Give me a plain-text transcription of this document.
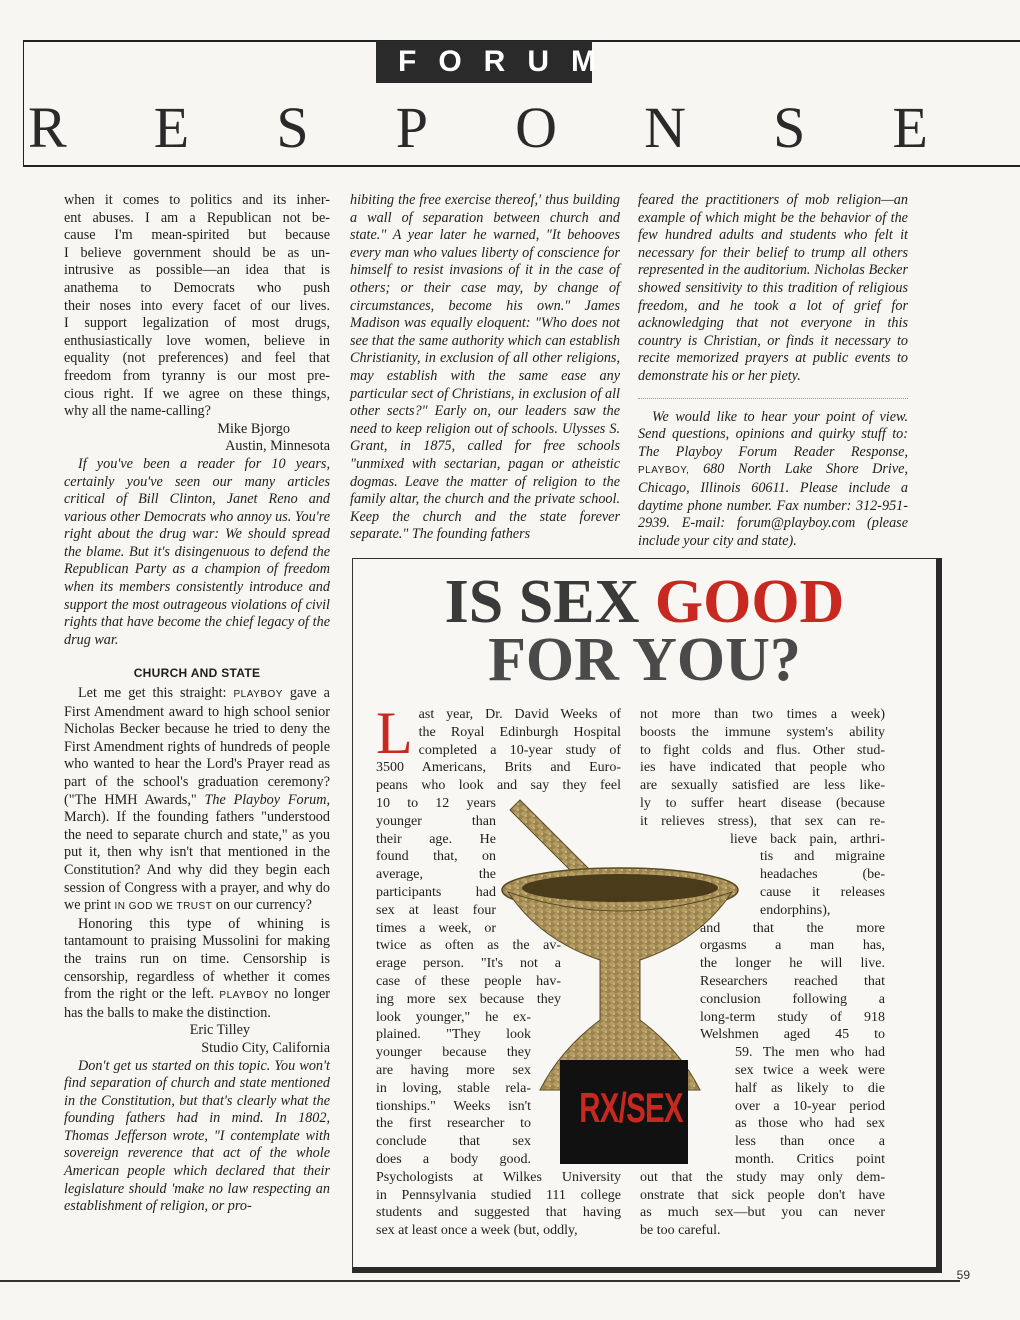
FORUM
R E S P O N S E
when it comes to politics and its inher-
ent abuses. I am a Republican not be-
cause I'm mean-spirited but because
I believe government should be as un-
intrusive as possible—an idea that is
anathema to Democrats who push
their noses into every facet of our lives.
I support legalization of most drugs,
enthusiastically love women, believe in
equality (not preferences) and feel that
freedom from tyranny is our most pre-
cious right. If we agree on these things,
why all the name-calling?

Mike Bjorgo

Austin, Minnesota

If you've been a reader for 10 years, certainly you've seen our many articles critical of Bill Clinton, Janet Reno and various other Democrats who annoy us. You're right about the drug war: We should spread the blame. But it's disingenuous to defend the Republican Party as a champion of freedom when its members consistently introduce and support the most outrageous violations of civil rights that have become the chief legacy of the drug war.

CHURCH AND STATE

Let me get this straight: PLAYBOY gave a First Amendment award to high school senior Nicholas Becker because he tried to deny the First Amendment rights of hundreds of people who wanted to hear the Lord's Prayer read as part of the school's graduation ceremony? ("The HMH Awards," The Playboy Forum, March). If the founding fathers "understood the need to separate church and state," as you put it, then why isn't that mentioned in the Constitution? And why did they begin each session of Congress with a prayer, and why do we print IN GOD WE TRUST on our currency?

Honoring this type of whining is tantamount to praising Mussolini for making the trains run on time. Censorship is censorship, regardless of whether it comes from the right or the left. PLAYBOY no longer has the balls to make the distinction.

Eric Tilley

Studio City, California

Don't get us started on this topic. You won't find separation of church and state mentioned in the Constitution, but that's clearly what the founding fathers had in mind. In 1802, Thomas Jefferson wrote, "I contemplate with sovereign reverence that act of the whole American people which declared that their legislature should 'make no law respecting an establishment of religion, or pro-

hibiting the free exercise thereof,' thus building a wall of separation between church and state." A year later he warned, "It behooves every man who values liberty of conscience for himself to resist invasions of it in the case of others; or their case may, by change of circumstances, become his own." James Madison was equally eloquent: "Who does not see that the same authority which can establish Christianity, in exclusion of all other religions, may establish with the same ease any particular sect of Christians, in exclusion of all other sects?" Early on, our leaders saw the need to keep religion out of schools. Ulysses S. Grant, in 1875, called for free schools "unmixed with sectarian, pagan or atheistic dogmas. Leave the matter of religion to the family altar, the church and the private school. Keep the church and the state forever separate." The founding fathers

feared the practitioners of mob religion—an example of which might be the behavior of the few hundred adults and students who felt it necessary for their belief to trump all others represented in the auditorium. Nicholas Becker showed sensitivity to this tradition of religious freedom, and he took a lot of grief for acknowledging that not everyone in this country is Christian, or finds it necessary to recite memorized prayers at public events to demonstrate his or her piety.

We would like to hear your point of view. Send questions, opinions and quirky stuff to: The Playboy Forum Reader Response, PLAYBOY, 680 North Lake Shore Drive, Chicago, Illinois 60611. Please include a daytime phone number. Fax number: 312-951-2939. E-mail: forum@playboy.com (please include your city and state).

IS SEX GOOD
FOR YOU?
L ast year, Dr. David Weeks of
the Royal Edinburgh Hospital
completed a 10-year study of
3500 Americans, Brits and Euro-
peans who look and say they feel
10 to 12 years
younger than
their age. He
found that, on
average, the
participants had
sex at least four
times a week, or
twice as often as the av-
erage person. "It's not a
case of these people hav-
ing more sex because they
look younger," he ex-
plained. "They look
younger because they
are having more sex
in loving, stable rela-
tionships." Weeks isn't
the first researcher to
conclude that sex
does a body good.
Psychologists at Wilkes University
in Pennsylvania studied 111 college
students and suggested that having
sex at least once a week (but, oddly,
RX/SEX
not more than two times a week)
boosts the immune system's ability
to fight colds and flus. Other stud-
ies have indicated that people who
are sexually satisfied are less like-
ly to suffer heart disease (because
it relieves stress), that sex can re-
lieve back pain, arthri-
tis and migraine
headaches (be-
cause it releases
endorphins),
and that the more
orgasms a man has,
the longer he will live.
Researchers reached that
conclusion following a
long-term study of 918
Welshmen aged 45 to
59. The men who had
sex twice a week were
half as likely to die
over a 10-year period
as those who had sex
less than once a
month. Critics point
out that the study may only dem-
onstrate that sick people don't have
as much sex—but you can never
be too careful.
59
